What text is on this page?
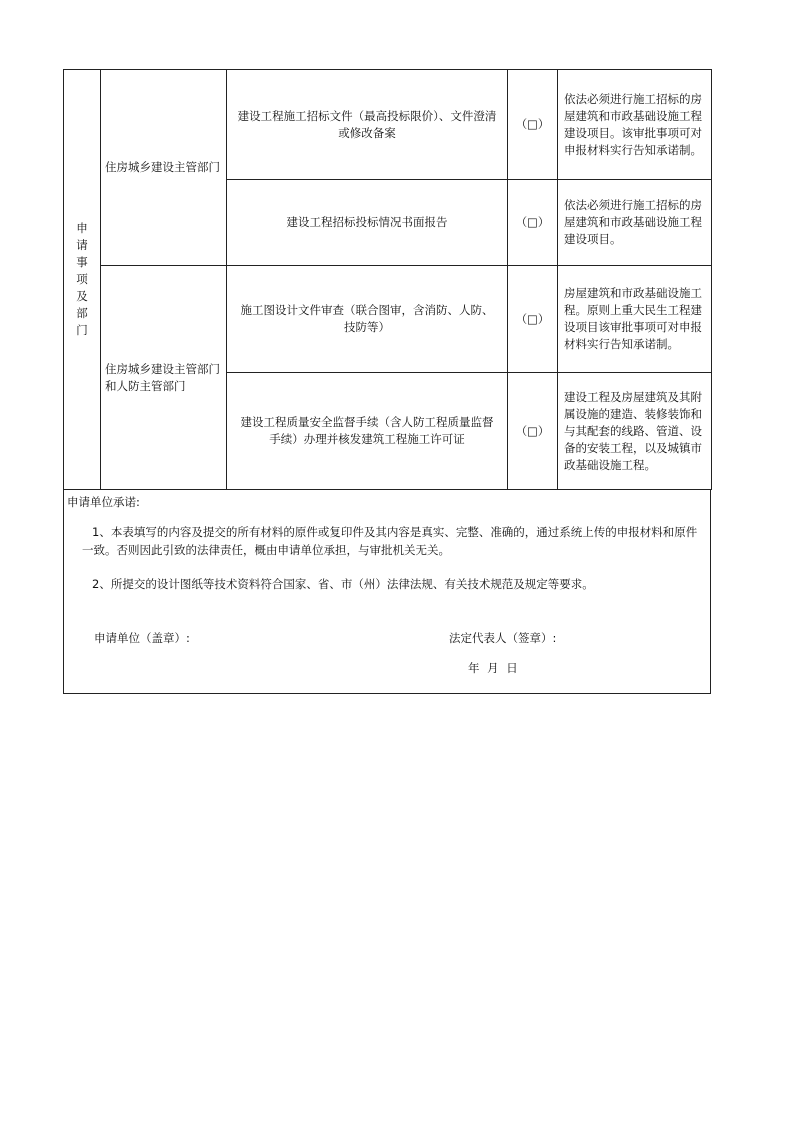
申请事项及部门	住房城乡建设主管部门	建设工程施工招标文件（最高投标限价）、文件澄清或修改备案	（□）	依法必须进行施工招标的房屋建筑和市政基础设施工程建设项目。该审批事项可对申报材料实行告知承诺制。
		建设工程招标投标情况书面报告	（□）	依法必须进行施工招标的房屋建筑和市政基础设施工程建设项目。
	住房城乡建设主管部门和人防主管部门	施工图设计文件审查（联合图审，含消防、人防、技防等）	（□）	房屋建筑和市政基础设施工程。原则上重大民生工程建设项目该审批事项可对申报材料实行告知承诺制。
		建设工程质量安全监督手续（含人防工程质量监督手续）办理并核发建筑工程施工许可证	（□）	建设工程及房屋建筑及其附属设施的建造、装修装饰和与其配套的线路、管道、设备的安装工程，以及城镇市政基础设施工程。
申请单位承诺:
1、本表填写的内容及提交的所有材料的原件或复印件及其内容是真实、完整、准确的，通过系统上传的申报材料和原件一致。否则因此引致的法律责任，概由申请单位承担，与审批机关无关。
2、所提交的设计图纸等技术资料符合国家、省、市（州）法律法规、有关技术规范及规定等要求。
申请单位（盖章）:	法定代表人（签章）:
年 月 日
